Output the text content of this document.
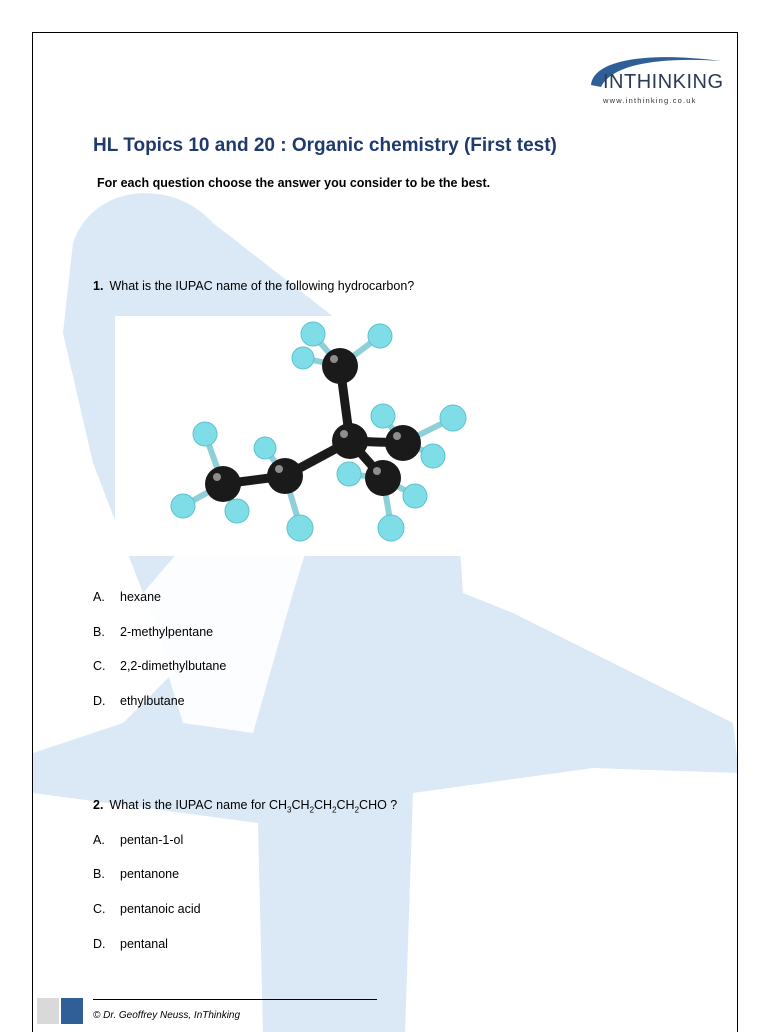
INTHINKING
www.inthinking.co.uk
HL Topics 10 and 20 : Organic chemistry (First test)
For each question choose the answer you consider to be the best.
1. What is the IUPAC name of the following hydrocarbon?
A. hexane
B. 2-methylpentane
C. 2,2-dimethylbutane
D. ethylbutane
2. What is the IUPAC name for $CH_3CH_2CH_2CH_2CHO$ ?
A. pentan-1-ol
B. pentanone
C. pentanoic acid
D. pentanal
© Dr. Geoffrey Neuss, InThinking
